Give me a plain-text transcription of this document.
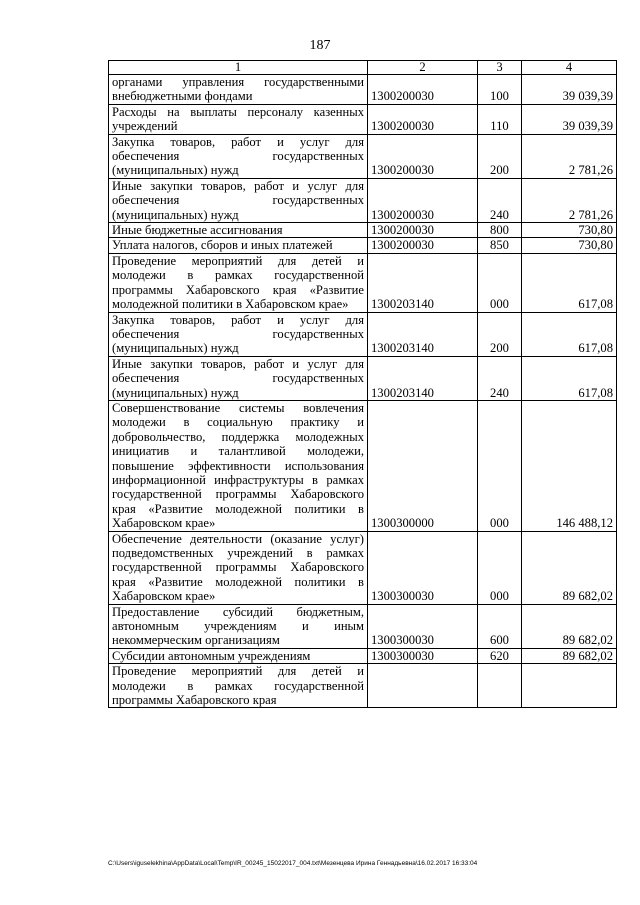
187
1	2	3	4
органами управления государственными внебюджетными фондами	1300200030	100	39 039,39
Расходы на выплаты персоналу казенных учреждений	1300200030	110	39 039,39
Закупка товаров, работ и услуг для обеспечения государственных (муниципальных) нужд	1300200030	200	2 781,26
Иные закупки товаров, работ и услуг для обеспечения государственных (муниципальных) нужд	1300200030	240	2 781,26
Иные бюджетные ассигнования	1300200030	800	730,80
Уплата налогов, сборов и иных платежей	1300200030	850	730,80
Проведение мероприятий для детей и молодежи в рамках государственной программы Хабаровского края «Развитие молодежной политики в Хабаровском крае»	1300203140	000	617,08
Закупка товаров, работ и услуг для обеспечения государственных (муниципальных) нужд	1300203140	200	617,08
Иные закупки товаров, работ и услуг для обеспечения государственных (муниципальных) нужд	1300203140	240	617,08
Совершенствование системы вовлечения молодежи в социальную практику и добровольчество, поддержка молодежных инициатив и талантливой молодежи, повышение эффективности использования информационной инфраструктуры в рамках государственной программы Хабаровского края «Развитие молодежной политики в Хабаровском крае»	1300300000	000	146 488,12
Обеспечение деятельности (оказание услуг) подведомственных учреждений в рамках государственной программы Хабаровского края «Развитие молодежной политики в Хабаровском крае»	1300300030	000	89 682,02
Предоставление субсидий бюджетным, автономным учреждениям и иным некоммерческим организациям	1300300030	600	89 682,02
Субсидии автономным учреждениям	1300300030	620	89 682,02
Проведение мероприятий для детей и молодежи в рамках государственной программы Хабаровского края			
C:\Users\iguselekhina\AppData\Local\Temp\IR_00245_15022017_004.txt\Мезенцева Ирина Геннадьевна\16.02.2017 16:33:04
